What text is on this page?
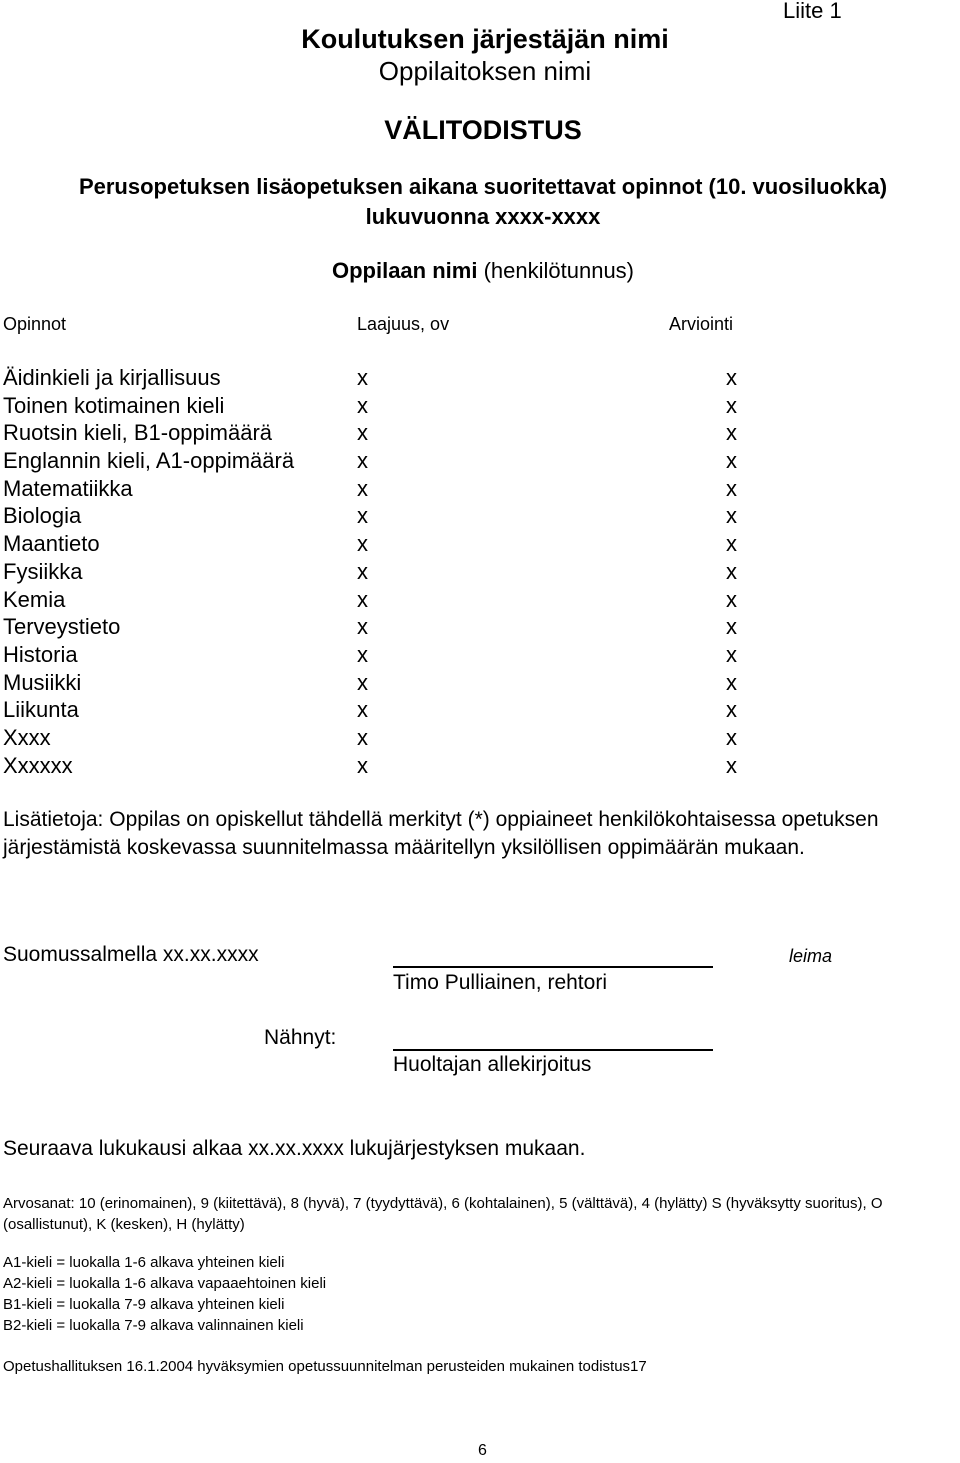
Liite 1
Koulutuksen järjestäjän nimi
Oppilaitoksen nimi
VÄLITODISTUS
Perusopetuksen lisäopetuksen aikana suoritettavat opinnot (10. vuosiluokka)
lukuvuonna xxxx-xxxx
Oppilaan nimi (henkilötunnus)
Opinnot	Laajuus, ov	Arviointi
Äidinkieli ja kirjallisuus	x	x
Toinen kotimainen kieli	x	x
Ruotsin kieli, B1-oppimäärä	x	x
Englannin kieli, A1-oppimäärä	x	x
Matematiikka	x	x
Biologia	x	x
Maantieto	x	x
Fysiikka	x	x
Kemia	x	x
Terveystieto	x	x
Historia	x	x
Musiikki	x	x
Liikunta	x	x
Xxxx	x	x
Xxxxxx	x	x
Lisätietoja: Oppilas on opiskellut tähdellä merkityt (*) oppiaineet henkilökohtaisessa opetuksen järjestämistä koskevassa suunnitelmassa määritellyn yksilöllisen oppimäärän mukaan.
Suomussalmella xx.xx.xxxx	leima
Timo Pulliainen, rehtori
Nähnyt:
Huoltajan allekirjoitus
Seuraava lukukausi alkaa xx.xx.xxxx lukujärjestyksen mukaan.
Arvosanat: 10 (erinomainen), 9 (kiitettävä), 8 (hyvä), 7 (tyydyttävä), 6 (kohtalainen), 5 (välttävä), 4 (hylätty) S (hyväksytty suoritus), O (osallistunut), K (kesken), H (hylätty)
A1-kieli = luokalla 1-6 alkava yhteinen kieli
A2-kieli = luokalla 1-6 alkava vapaaehtoinen kieli
B1-kieli = luokalla 7-9 alkava yhteinen kieli
B2-kieli = luokalla 7-9 alkava valinnainen kieli
Opetushallituksen 16.1.2004 hyväksymien opetussuunnitelman perusteiden mukainen todistus17
6
